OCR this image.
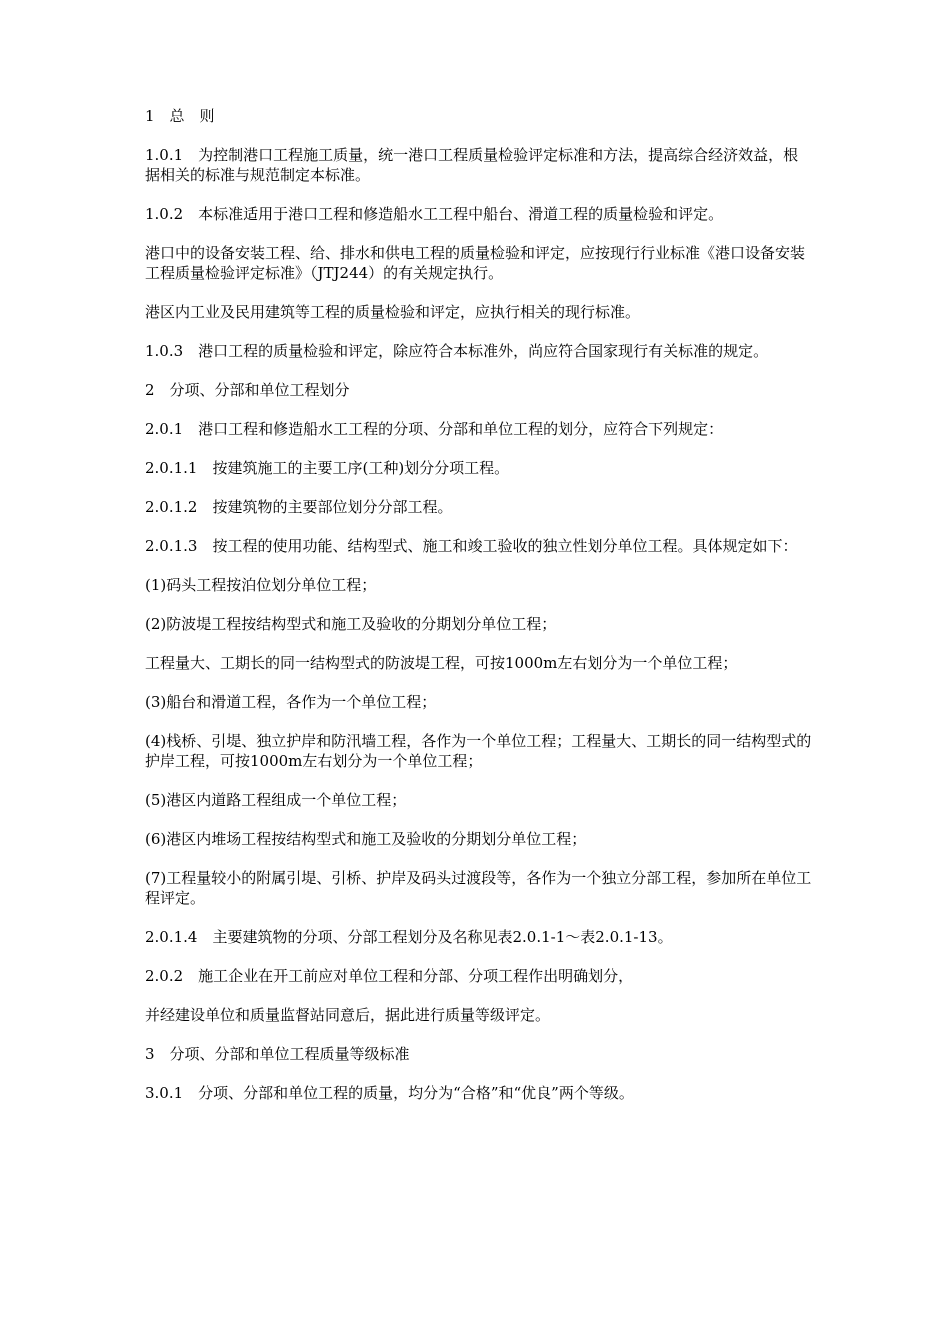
1　总　则

1.0.1　为控制港口工程施工质量，统一港口工程质量检验评定标准和方法，提高综合经济效益，根据相关的标准与规范制定本标准。

1.0.2　本标准适用于港口工程和修造船水工工程中船台、滑道工程的质量检验和评定。

港口中的设备安装工程、给、排水和供电工程的质量检验和评定，应按现行行业标准《港口设备安装工程质量检验评定标准》（JTJ244）的有关规定执行。

港区内工业及民用建筑等工程的质量检验和评定，应执行相关的现行标准。

1.0.3　港口工程的质量检验和评定，除应符合本标准外，尚应符合国家现行有关标准的规定。

2　分项、分部和单位工程划分

2.0.1　港口工程和修造船水工工程的分项、分部和单位工程的划分，应符合下列规定：

2.0.1.1　按建筑施工的主要工序(工种)划分分项工程。

2.0.1.2　按建筑物的主要部位划分分部工程。

2.0.1.3　按工程的使用功能、结构型式、施工和竣工验收的独立性划分单位工程。具体规定如下：

(1)码头工程按泊位划分单位工程；

(2)防波堤工程按结构型式和施工及验收的分期划分单位工程；

工程量大、工期长的同一结构型式的防波堤工程，可按1000m左右划分为一个单位工程；

(3)船台和滑道工程，各作为一个单位工程；

(4)栈桥、引堤、独立护岸和防汛墙工程，各作为一个单位工程；工程量大、工期长的同一结构型式的护岸工程，可按1000m左右划分为一个单位工程；

(5)港区内道路工程组成一个单位工程；

(6)港区内堆场工程按结构型式和施工及验收的分期划分单位工程；

(7)工程量较小的附属引堤、引桥、护岸及码头过渡段等，各作为一个独立分部工程，参加所在单位工程评定。

2.0.1.4　主要建筑物的分项、分部工程划分及名称见表2.0.1-1～表2.0.1-13。

2.0.2　施工企业在开工前应对单位工程和分部、分项工程作出明确划分，

并经建设单位和质量监督站同意后，据此进行质量等级评定。

3　分项、分部和单位工程质量等级标准

3.0.1　分项、分部和单位工程的质量，均分为“合格”和“优良”两个等级。
